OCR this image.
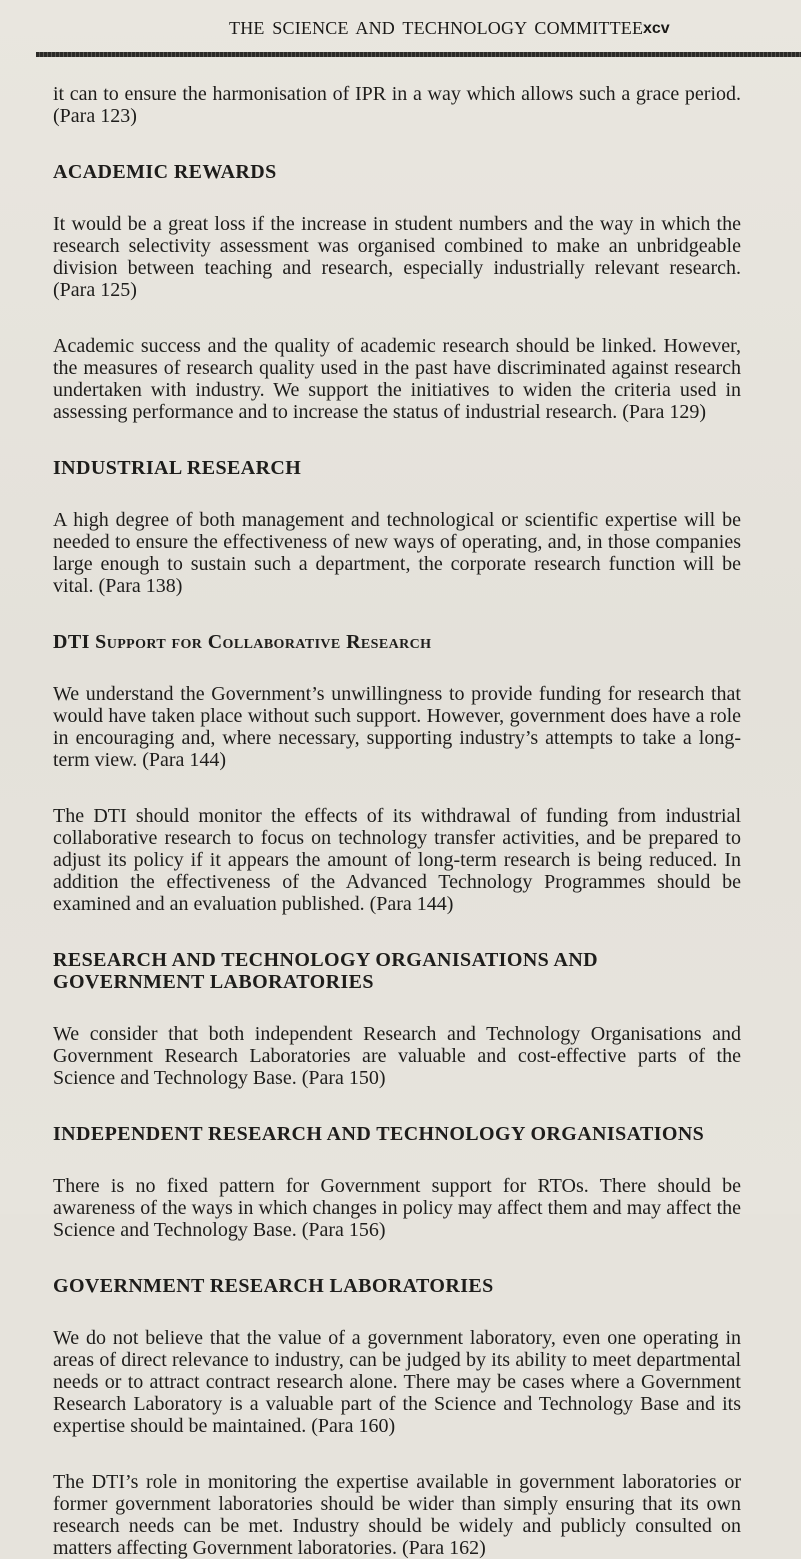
THE SCIENCE AND TECHNOLOGY COMMITTEE xcv

it can to ensure the harmonisation of IPR in a way which allows such a grace period. (Para 123)

ACADEMIC REWARDS

It would be a great loss if the increase in student numbers and the way in which the research selectivity assessment was organised combined to make an unbridgeable division between teaching and research, especially industrially relevant research. (Para 125)

Academic success and the quality of academic research should be linked. However, the measures of research quality used in the past have discriminated against research undertaken with industry. We support the initiatives to widen the criteria used in assessing performance and to increase the status of industrial research. (Para 129)

INDUSTRIAL RESEARCH

A high degree of both management and technological or scientific expertise will be needed to ensure the effectiveness of new ways of operating, and, in those companies large enough to sustain such a department, the corporate research function will be vital. (Para 138)

DTI Support for Collaborative Research

We understand the Government’s unwillingness to provide funding for research that would have taken place without such support. However, government does have a role in encouraging and, where necessary, supporting industry’s attempts to take a long-term view. (Para 144)

The DTI should monitor the effects of its withdrawal of funding from industrial collaborative research to focus on technology transfer activities, and be prepared to adjust its policy if it appears the amount of long-term research is being reduced. In addition the effectiveness of the Advanced Technology Programmes should be examined and an evaluation published. (Para 144)

RESEARCH AND TECHNOLOGY ORGANISATIONS AND GOVERNMENT LABORATORIES

We consider that both independent Research and Technology Organisations and Government Research Laboratories are valuable and cost-effective parts of the Science and Technology Base. (Para 150)

INDEPENDENT RESEARCH AND TECHNOLOGY ORGANISATIONS

There is no fixed pattern for Government support for RTOs. There should be awareness of the ways in which changes in policy may affect them and may affect the Science and Technology Base. (Para 156)

GOVERNMENT RESEARCH LABORATORIES

We do not believe that the value of a government laboratory, even one operating in areas of direct relevance to industry, can be judged by its ability to meet departmental needs or to attract contract research alone. There may be cases where a Government Research Laboratory is a valuable part of the Science and Technology Base and its expertise should be maintained. (Para 160)

The DTI’s role in monitoring the expertise available in government laboratories or former government laboratories should be wider than simply ensuring that its own research needs can be met. Industry should be widely and publicly consulted on matters affecting Government laboratories. (Para 162)
